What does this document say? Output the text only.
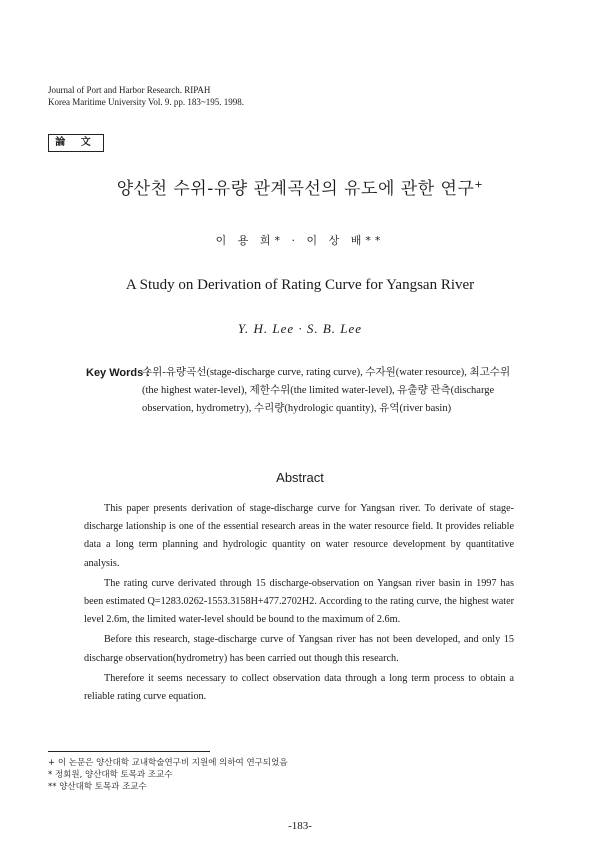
Journal of Port and Harbor Research. RIPAH
Korea Maritime University Vol. 9. pp. 183~195. 1998.
論 文
양산천 수위-유량 관계곡선의 유도에 관한 연구+
이 용 희* · 이 상 배**
A Study on Derivation of Rating Curve for Yangsan River
Y. H. Lee · S. B. Lee
Key Words :
수위-유량곡선(stage-discharge curve, rating curve), 수자원(water resource), 최고수위(the highest water-level), 제한수위(the limited water-level), 유출량 관측(discharge observation, hydrometry), 수리량(hydrologic quantity), 유역(river basin)
Abstract

This paper presents derivation of stage-discharge curve for Yangsan river. To derivate of stage-discharge lationship is one of the essential research areas in the water resource field. It provides reliable data a long term planning and hydrologic quantity on water resource development by quantitative analysis.

The rating curve derivated through 15 discharge-observation on Yangsan river basin in 1997 has been estimated Q=1283.0262-1553.3158H+477.2702H2. According to the rating curve, the highest water level 2.6m, the limited water-level should be bound to the maximum of 2.6m.

Before this research, stage-discharge curve of Yangsan river has not been developed, and only 15 discharge observation(hydrometry) has been carried out though this research.

Therefore it seems necessary to collect observation data through a long term process to obtain a reliable rating curve equation.

+ 이 논문은 양산대학 교내학술연구비 지원에 의하여 연구되었음
* 정회원, 양산대학 토목과 조교수
** 양산대학 토목과 조교수
-183-
